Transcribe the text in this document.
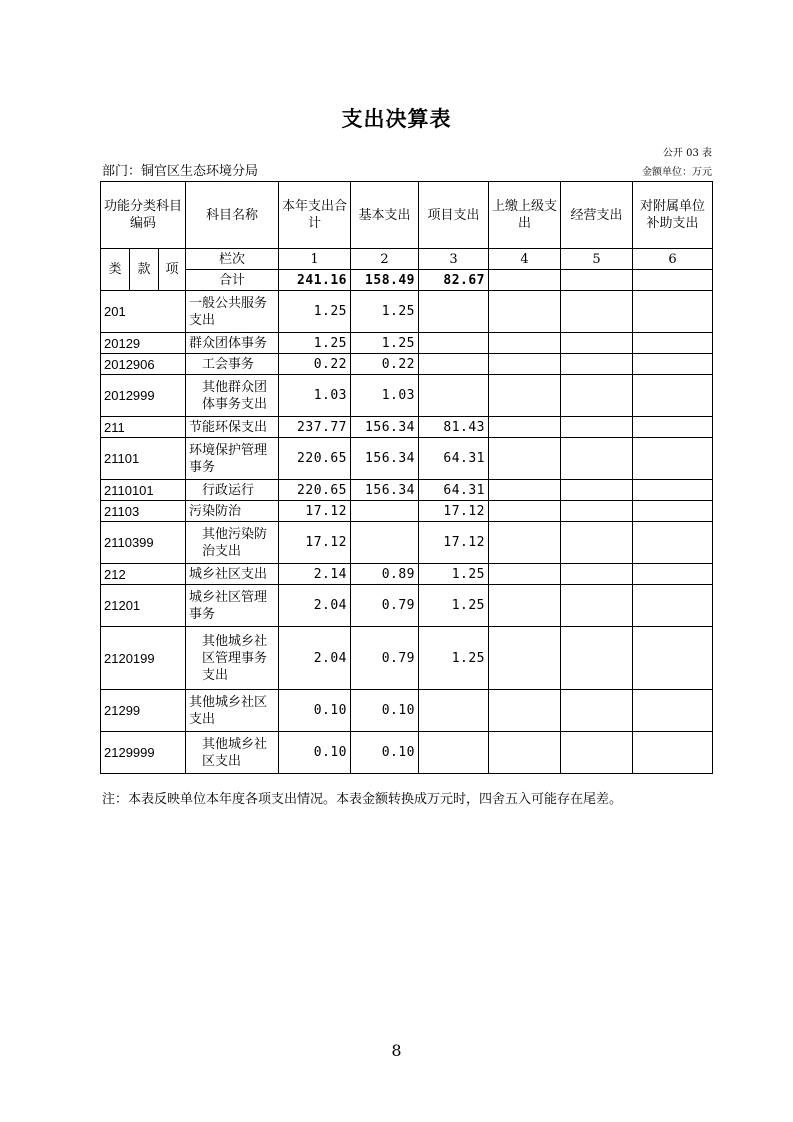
支出决算表
公开 03 表
部门：铜官区生态环境分局	金额单位：万元
功能分类科目编码			科目名称	本年支出合计	基本支出	项目支出	上缴上级支出	经营支出	对附属单位补助支出
类	款	项	栏次	1	2	3	4	5	6
			合计	241.16	158.49	82.67			
201			一般公共服务支出	1.25	1.25				
20129			群众团体事务	1.25	1.25				
2012906			工会事务	0.22	0.22				
2012999			其他群众团体事务支出	1.03	1.03				
211			节能环保支出	237.77	156.34	81.43			
21101			环境保护管理事务	220.65	156.34	64.31			
2110101			行政运行	220.65	156.34	64.31			
21103			污染防治	17.12		17.12			
2110399			其他污染防治支出	17.12		17.12			
212			城乡社区支出	2.14	0.89	1.25			
21201			城乡社区管理事务	2.04	0.79	1.25			
2120199			其他城乡社区管理事务支出	2.04	0.79	1.25			
21299			其他城乡社区支出	0.10	0.10				
2129999			其他城乡社区支出	0.10	0.10				
注：本表反映单位本年度各项支出情况。本表金额转换成万元时，四舍五入可能存在尾差。
8
